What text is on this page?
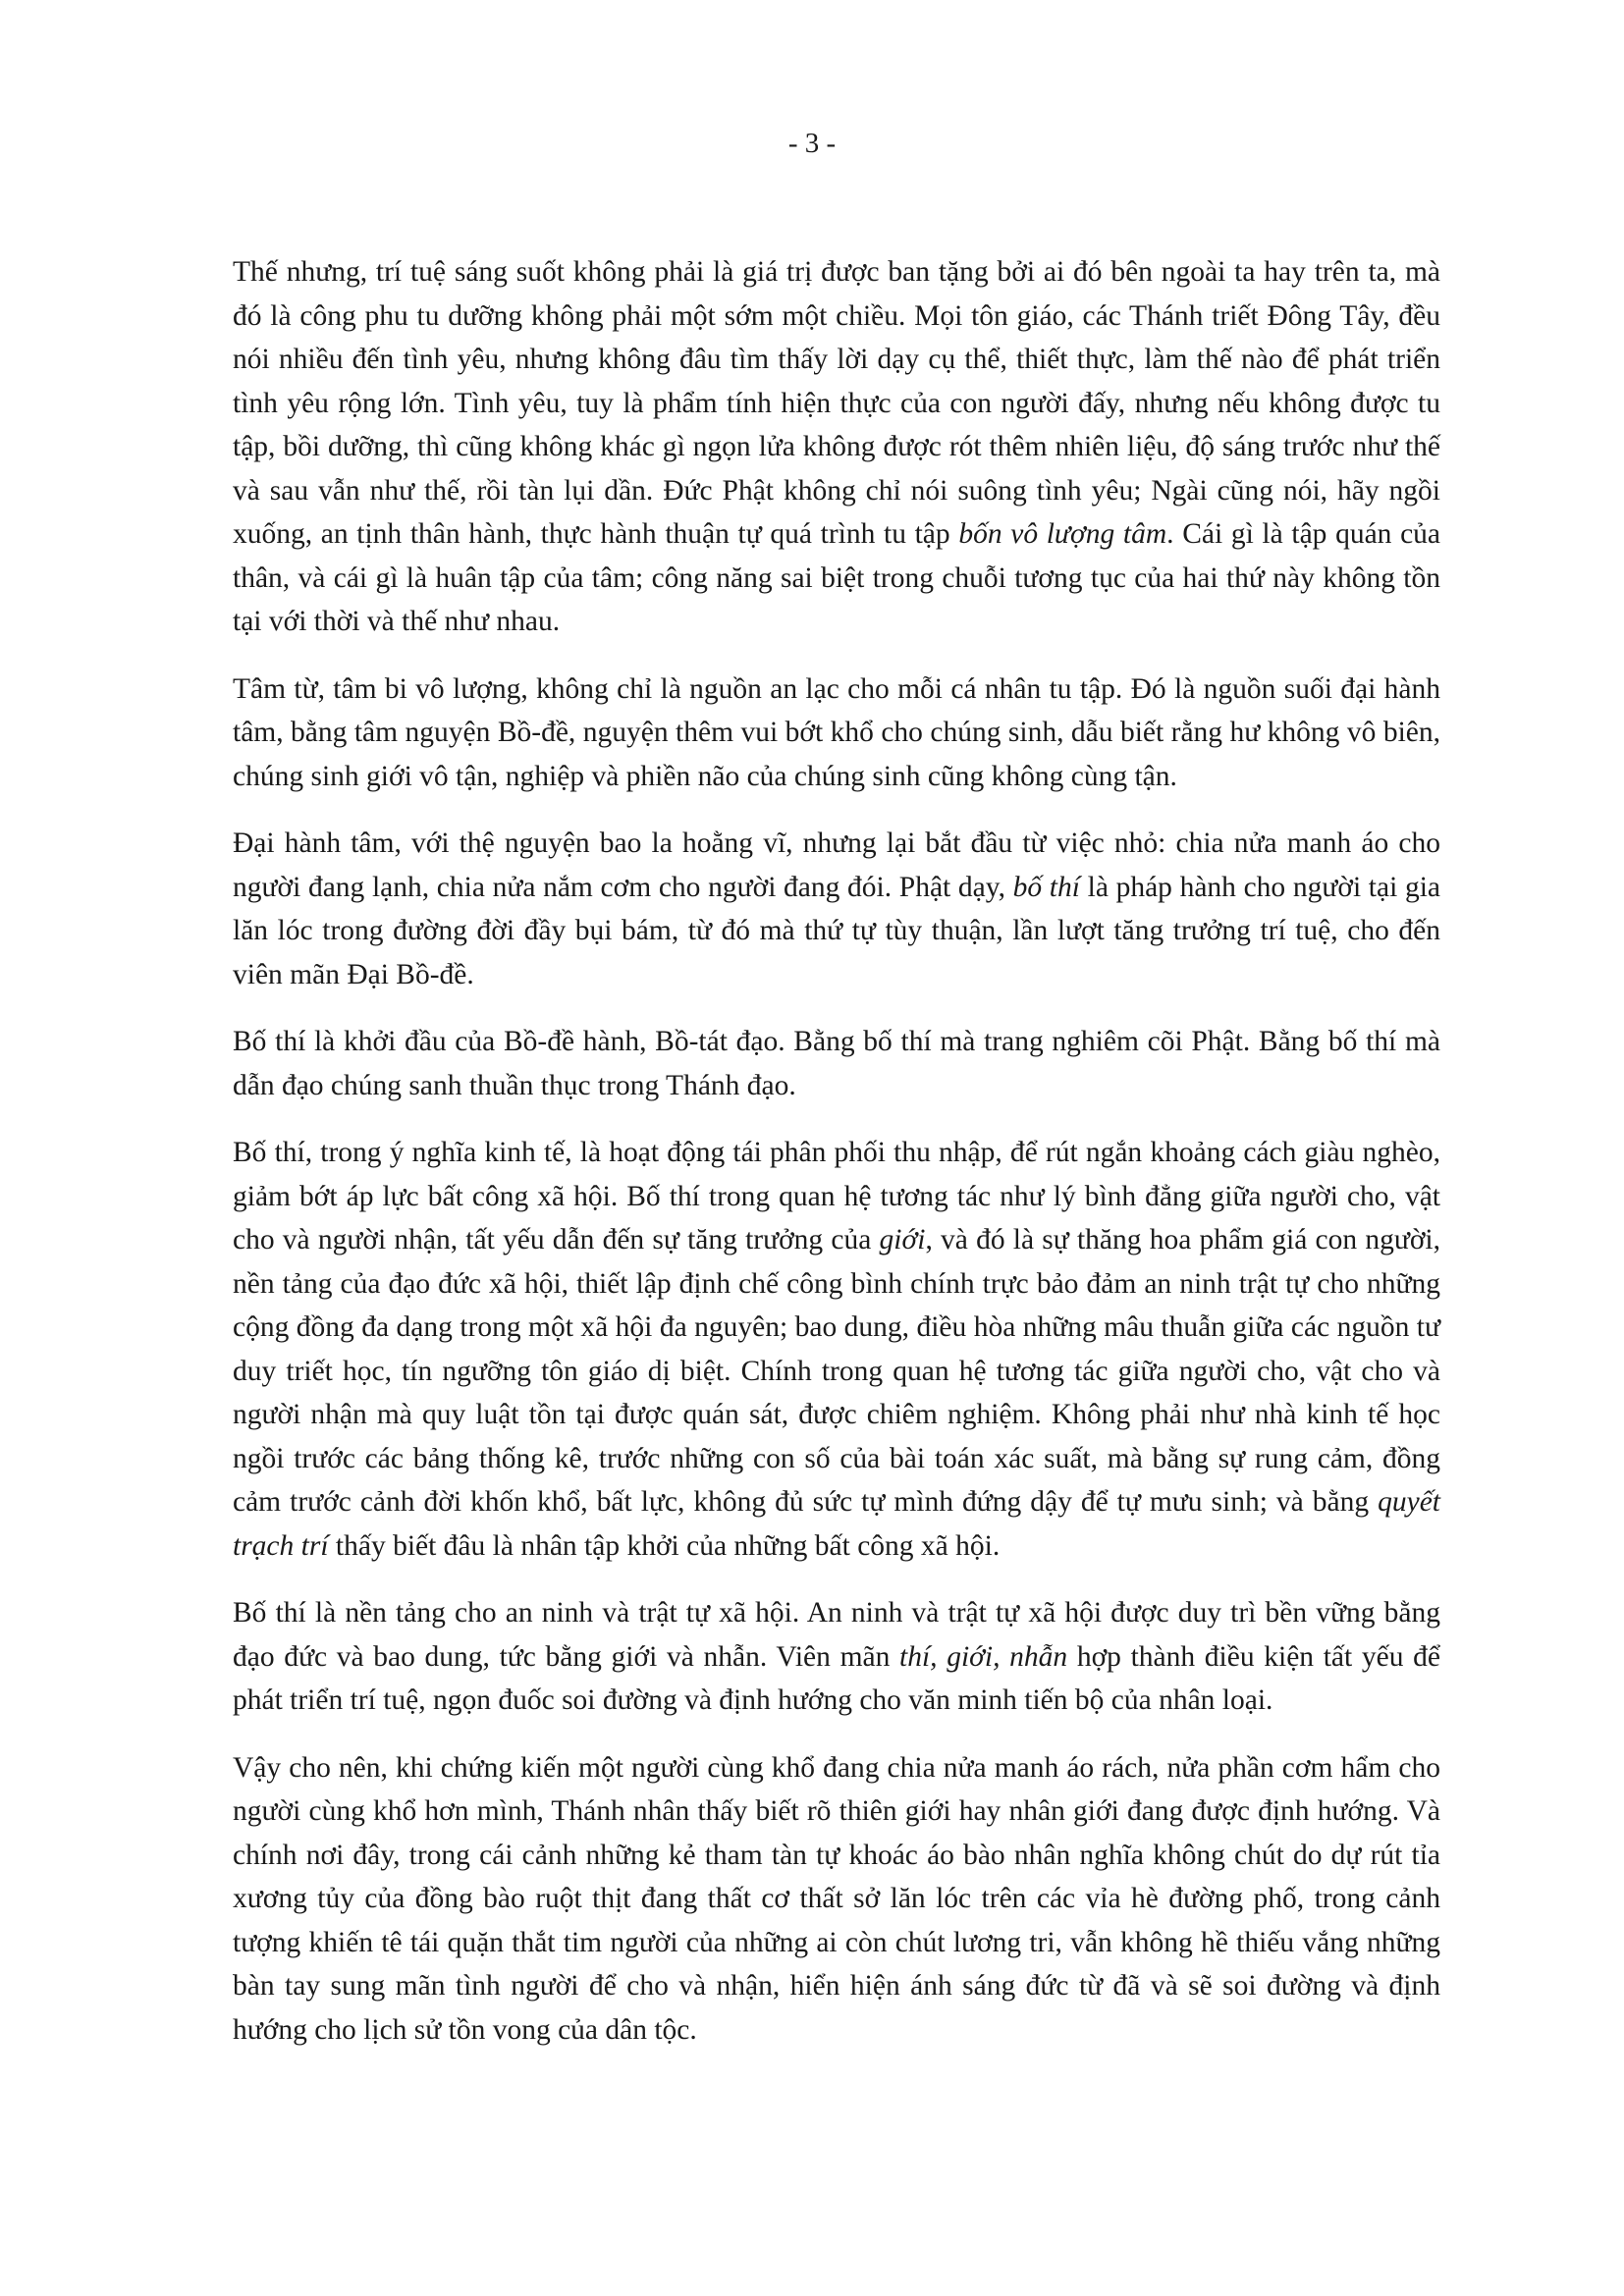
- 3 -

Thế nhưng, trí tuệ sáng suốt không phải là giá trị được ban tặng bởi ai đó bên ngoài ta hay trên ta, mà đó là công phu tu dưỡng không phải một sớm một chiều. Mọi tôn giáo, các Thánh triết Đông Tây, đều nói nhiều đến tình yêu, nhưng không đâu tìm thấy lời dạy cụ thể, thiết thực, làm thế nào để phát triển tình yêu rộng lớn. Tình yêu, tuy là phẩm tính hiện thực của con người đấy, nhưng nếu không được tu tập, bồi dưỡng, thì cũng không khác gì ngọn lửa không được rót thêm nhiên liệu, độ sáng trước như thế và sau vẫn như thế, rồi tàn lụi dần. Đức Phật không chỉ nói suông tình yêu; Ngài cũng nói, hãy ngồi xuống, an tịnh thân hành, thực hành thuận tự quá trình tu tập bốn vô lượng tâm. Cái gì là tập quán của thân, và cái gì là huân tập của tâm; công năng sai biệt trong chuỗi tương tục của hai thứ này không tồn tại với thời và thế như nhau.

Tâm từ, tâm bi vô lượng, không chỉ là nguồn an lạc cho mỗi cá nhân tu tập. Đó là nguồn suối đại hành tâm, bằng tâm nguyện Bồ-đề, nguyện thêm vui bớt khổ cho chúng sinh, dẫu biết rằng hư không vô biên, chúng sinh giới vô tận, nghiệp và phiền não của chúng sinh cũng không cùng tận.

Đại hành tâm, với thệ nguyện bao la hoằng vĩ, nhưng lại bắt đầu từ việc nhỏ: chia nửa manh áo cho người đang lạnh, chia nửa nắm cơm cho người đang đói. Phật dạy, bố thí là pháp hành cho người tại gia lăn lóc trong đường đời đầy bụi bám, từ đó mà thứ tự tùy thuận, lần lượt tăng trưởng trí tuệ, cho đến viên mãn Đại Bồ-đề.

Bố thí là khởi đầu của Bồ-đề hành, Bồ-tát đạo. Bằng bố thí mà trang nghiêm cõi Phật. Bằng bố thí mà dẫn đạo chúng sanh thuần thục trong Thánh đạo.

Bố thí, trong ý nghĩa kinh tế, là hoạt động tái phân phối thu nhập, để rút ngắn khoảng cách giàu nghèo, giảm bớt áp lực bất công xã hội. Bố thí trong quan hệ tương tác như lý bình đẳng giữa người cho, vật cho và người nhận, tất yếu dẫn đến sự tăng trưởng của giới, và đó là sự thăng hoa phẩm giá con người, nền tảng của đạo đức xã hội, thiết lập định chế công bình chính trực bảo đảm an ninh trật tự cho những cộng đồng đa dạng trong một xã hội đa nguyên; bao dung, điều hòa những mâu thuẫn giữa các nguồn tư duy triết học, tín ngưỡng tôn giáo dị biệt. Chính trong quan hệ tương tác giữa người cho, vật cho và người nhận mà quy luật tồn tại được quán sát, được chiêm nghiệm. Không phải như nhà kinh tế học ngồi trước các bảng thống kê, trước những con số của bài toán xác suất, mà bằng sự rung cảm, đồng cảm trước cảnh đời khốn khổ, bất lực, không đủ sức tự mình đứng dậy để tự mưu sinh; và bằng quyết trạch trí thấy biết đâu là nhân tập khởi của những bất công xã hội.

Bố thí là nền tảng cho an ninh và trật tự xã hội. An ninh và trật tự xã hội được duy trì bền vững bằng đạo đức và bao dung, tức bằng giới và nhẫn. Viên mãn thí, giới, nhẫn hợp thành điều kiện tất yếu để phát triển trí tuệ, ngọn đuốc soi đường và định hướng cho văn minh tiến bộ của nhân loại.

Vậy cho nên, khi chứng kiến một người cùng khổ đang chia nửa manh áo rách, nửa phần cơm hẩm cho người cùng khổ hơn mình, Thánh nhân thấy biết rõ thiên giới hay nhân giới đang được định hướng. Và chính nơi đây, trong cái cảnh những kẻ tham tàn tự khoác áo bào nhân nghĩa không chút do dự rút tỉa xương tủy của đồng bào ruột thịt đang thất cơ thất sở lăn lóc trên các vỉa hè đường phố, trong cảnh tượng khiến tê tái quặn thắt tim người của những ai còn chút lương tri, vẫn không hề thiếu vắng những bàn tay sung mãn tình người để cho và nhận, hiển hiện ánh sáng đức từ đã và sẽ soi đường và định hướng cho lịch sử tồn vong của dân tộc.
